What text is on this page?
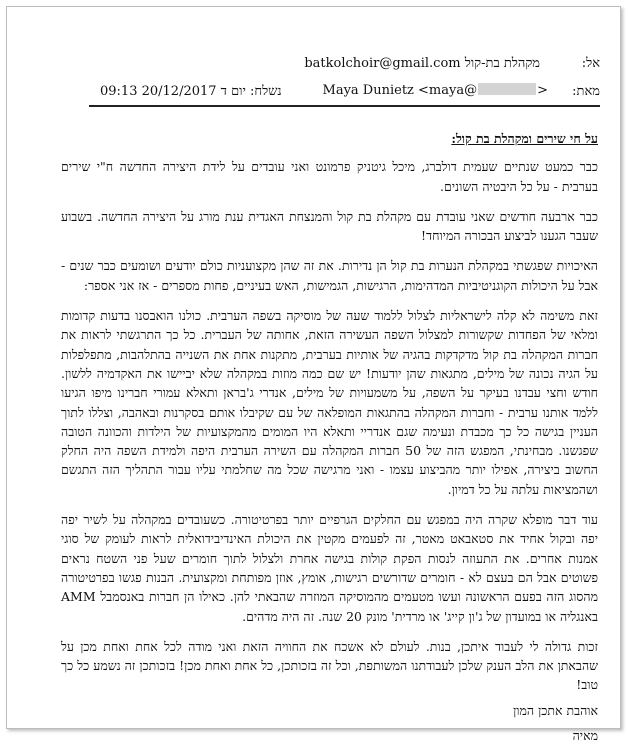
אל:
מקהלת בת-קול batkolchoir@gmail.com
מאת:
Maya Dunietz <maya@	>
נשלח: יום ד 20/12/2017 09:13

על חי שירים ומקהלת בת קול:

כבר כמעט שנתיים שעמית דולברג, מיכל גיטניק פרמונט ואני עובדים על לידת היצירה החדשה ח"י שירים בערבית - על כל היבטיה השונים.

כבר ארבעה חודשים שאני עובדת עם מקהלת בת קול והמנצחת האגדית ענת מורג על היצירה החדשה. בשבוע שעבר הגענו לביצוע הבכורה המיוחד!

האיכויות שפגשתי במקהלת הנערות בת קול הן נדירות. את זה שהן מקצועניות כולם יודעים ושומעים כבר שנים - אבל על היכולות הקוגניטיביות המדהימות, הרגישות, הגמישות, האש בעיניים, פחות מספרים - אז אני אספר:

זאת משימה לא קלה לישראליות לצלול ללמוד שעה של מוסיקה בשפה הערבית. כולנו הואבסנו בדעות קדומות ומלאי של הפחדות שקשורות למצלול השפה העשירה הזאת, אחותה של העברית. כל כך התרגשתי לראות את חברות המקהלה בת קול מדקדקות בהגיה של אותיות בערבית, מתקנות אחת את השנייה בהתלהבות, מתפלפלות על הגיה נכונה של מילים, מתגאות שהן יודעות! יש שם כמה מוזות במקהלה שלא יביישו את האקדמיה ללשון. חודש וחצי עבדנו בעיקר על השפה, על משמעויות של מילים, אנדרי ג'בראן ותאלא עמורי חברינו מיפו הגיעו ללמד אותנו ערבית - וחברות המקהלה בהתגאות המופלאה של עם שקיבלו אותם בסקרנות ובאהבה, וצללו לתוך העניין בגישה כל כך מכבדת ונעימה שגם אנדריי ותאלא היו המומים מהמקצועיות של הילדות והכוונה הטובה שפגשנו. מבחינתי, המפגש הזה של 50 חברות המקהלה עם השירה הערבית היפה ולמידת השפה היה החלק החשוב ביצירה, אפילו יותר מהביצוע עצמו - ואני מרגישה שכל מה שחלמתי עליו עבור התהליך הזה התגשם ושהמציאות עלתה על כל דמיון.

עוד דבר מופלא שקרה היה במפגש עם החלקים הגרפיים יותר בפרטיטורה. כשעובדים במקהלה על לשיר יפה יפה ובקול אחיד את סטאבאט מאטר, זה לפעמים מקטין את היכולת האינדיבידואלית לראות לעומק של סוגי אמנות אחרים. את התעוזה לנסות הפקת קולות בגישה אחרת ולצלול לתוך חומרים שעל פני השטח נראים פשוטים אבל הם בעצם לא - חומרים שדורשים רגישות, אומץ, אוזן מפותחת ומקצועית. הבנות פגשו בפרטיטורה מהסוג הזה בפעם הראשונה ועשו מטעמים מהמוסיקה המוזרה שהבאתי להן. כאילו הן חברות באנסמבל AMM באנגליה או במועדון של ג'ון קייג' או מרדית' מונק 20 שנה. זה היה מדהים.

זכות גדולה לי לעבוד איתכן, בנות. לעולם לא אשכח את החוויה הזאת ואני מודה לכל אחת ואחת מכן על שהבאתן את הלב הענק שלכן לעבודתנו המשותפת, וכל זה בזכותכן, כל אחת ואחת מכן! בזכותכן זה נשמע כל כך טוב!

אוהבת אתכן המון

מאיה
